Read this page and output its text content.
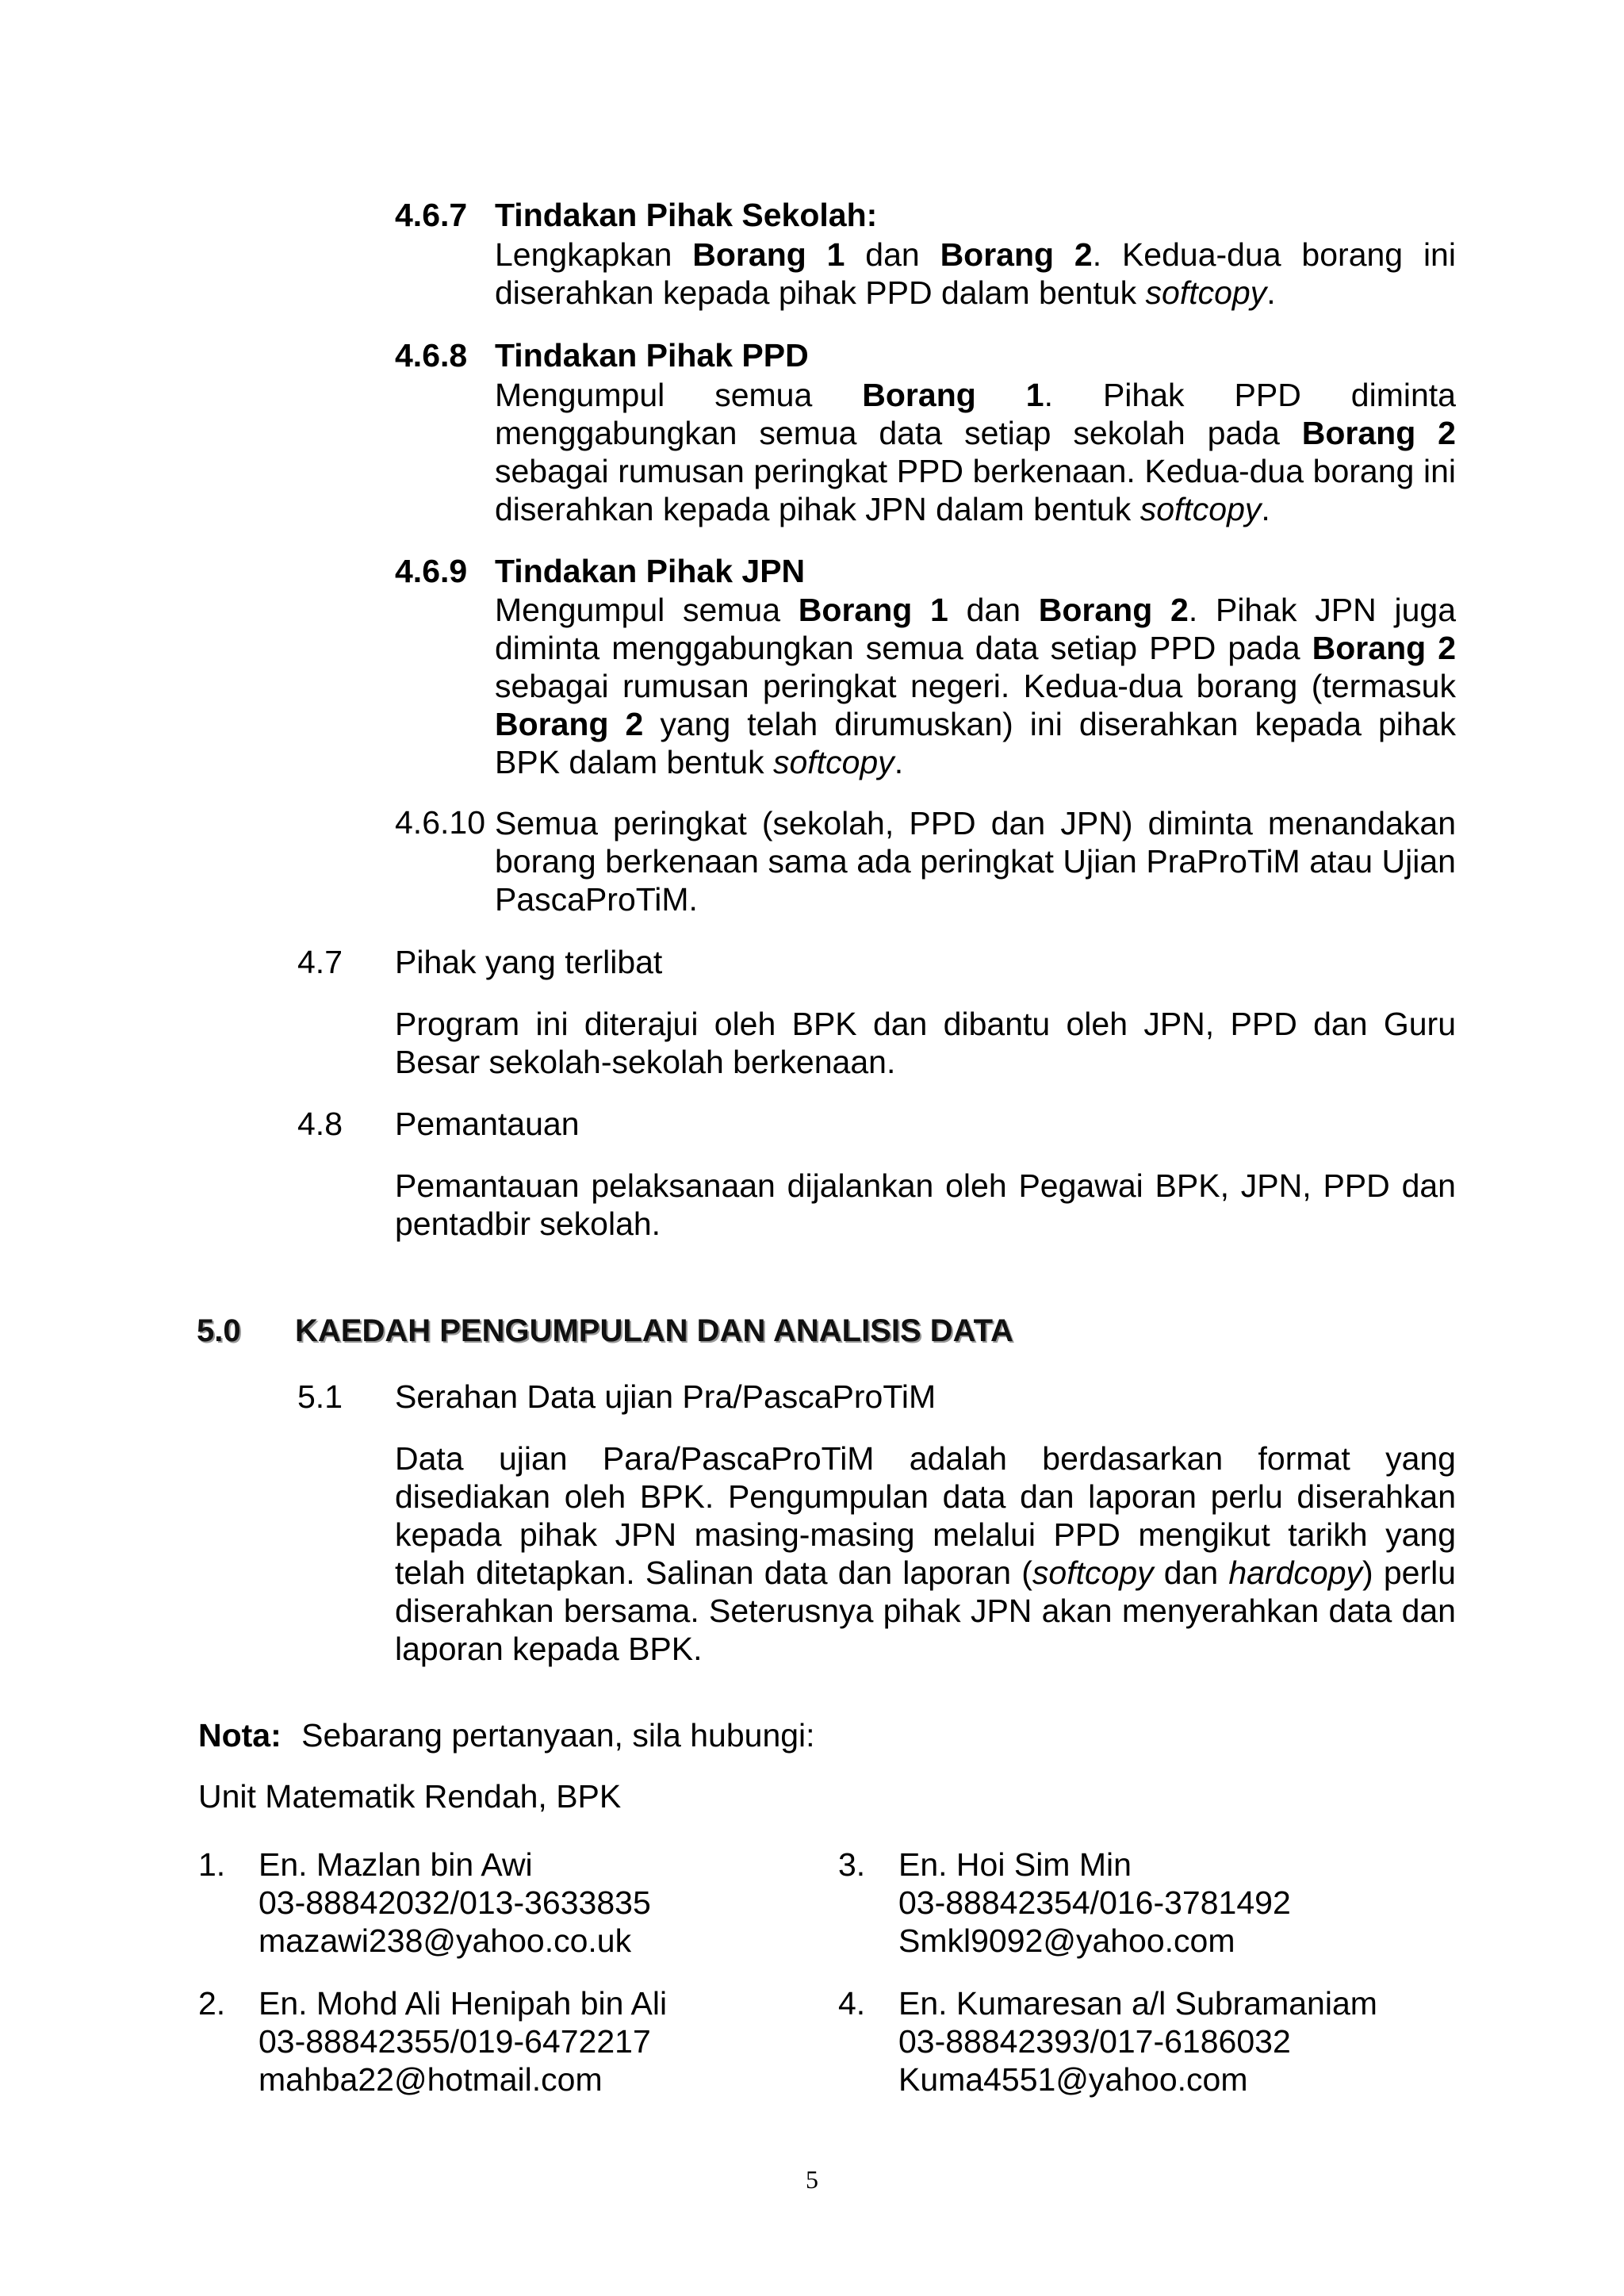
4.6.7 Tindakan Pihak Sekolah:
Lengkapkan Borang 1 dan Borang 2. Kedua-dua borang ini diserahkan kepada pihak PPD dalam bentuk softcopy.
4.6.8 Tindakan Pihak PPD
Mengumpul semua Borang 1. Pihak PPD diminta menggabungkan semua data setiap sekolah pada Borang 2 sebagai rumusan peringkat PPD berkenaan. Kedua-dua borang ini diserahkan kepada pihak JPN dalam bentuk softcopy.
4.6.9 Tindakan Pihak JPN
Mengumpul semua Borang 1 dan Borang 2. Pihak JPN juga diminta menggabungkan semua data setiap PPD pada Borang 2 sebagai rumusan peringkat negeri. Kedua-dua borang (termasuk Borang 2 yang telah dirumuskan) ini diserahkan kepada pihak BPK dalam bentuk softcopy.
4.6.10 Semua peringkat (sekolah, PPD dan JPN) diminta menandakan borang berkenaan sama ada peringkat Ujian PraProTiM atau Ujian PascaProTiM.
4.7 Pihak yang terlibat
Program ini diterajui oleh BPK dan dibantu oleh JPN, PPD dan Guru Besar sekolah-sekolah berkenaan.
4.8 Pemantauan
Pemantauan pelaksanaan dijalankan oleh Pegawai BPK, JPN, PPD dan pentadbir sekolah.
5.0 KAEDAH PENGUMPULAN DAN ANALISIS DATA
5.1 Serahan Data ujian Pra/PascaProTiM
Data ujian Para/PascaProTiM adalah berdasarkan format yang disediakan oleh BPK. Pengumpulan data dan laporan perlu diserahkan kepada pihak JPN masing-masing melalui PPD mengikut tarikh yang telah ditetapkan. Salinan data dan laporan (softcopy dan hardcopy) perlu diserahkan bersama. Seterusnya pihak JPN akan menyerahkan data dan laporan kepada BPK.
Nota: Sebarang pertanyaan, sila hubungi:
Unit Matematik Rendah, BPK
1. En. Mazlan bin Awi
03-88842032/013-3633835
mazawi238@yahoo.co.uk
2. En. Mohd Ali Henipah bin Ali
03-88842355/019-6472217
mahba22@hotmail.com
3. En. Hoi Sim Min
03-88842354/016-3781492
Smkl9092@yahoo.com
4. En. Kumaresan a/l Subramaniam
03-88842393/017-6186032
Kuma4551@yahoo.com
5
